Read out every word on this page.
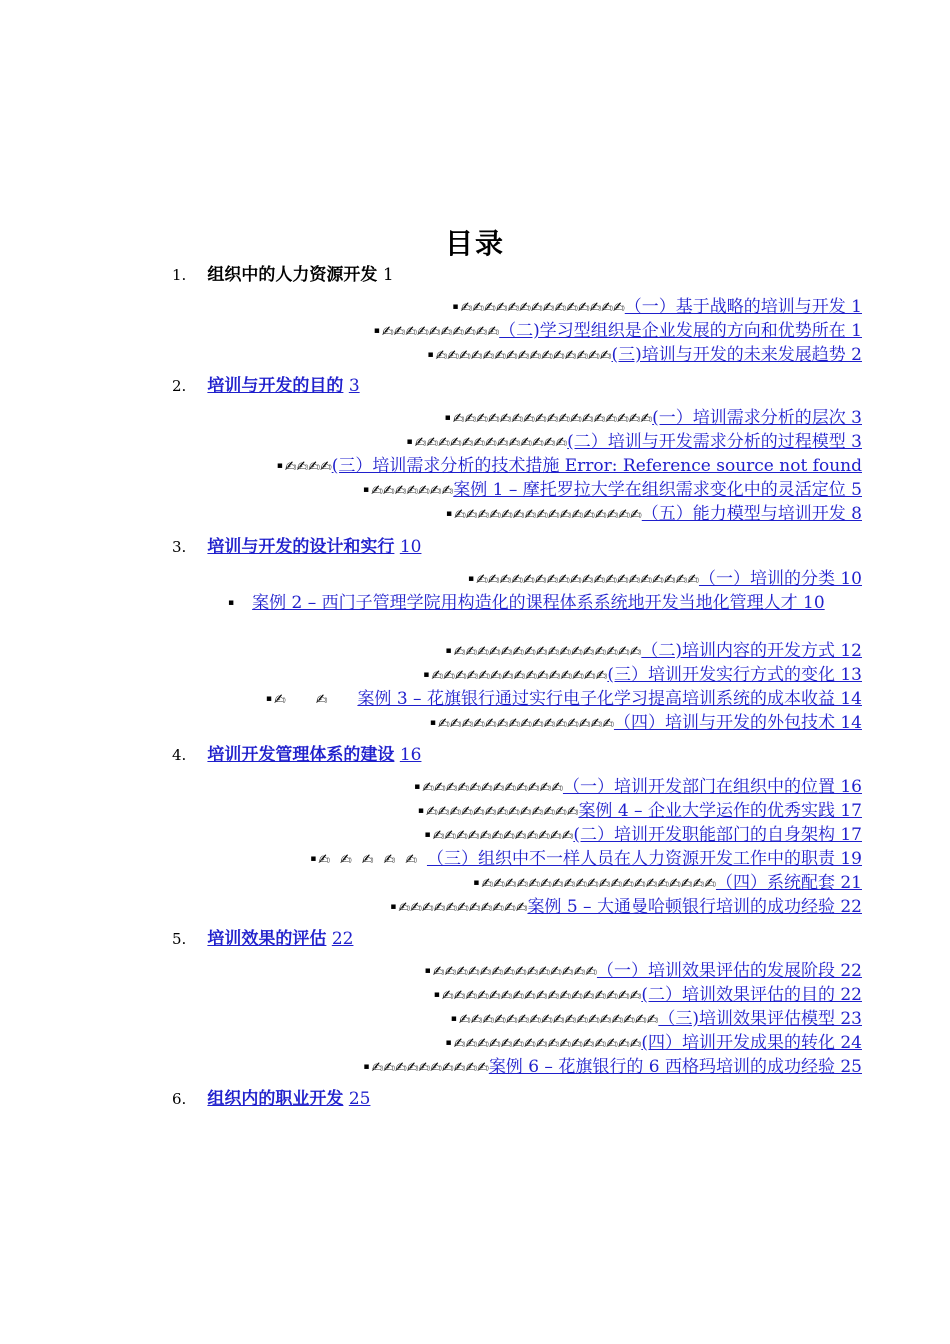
目录
1. 组织中的人力资源开发 1
▪ ✍✍✍✍✍✍✍✍✍✍✍✍✍✍ （一）基于战略的培训与开发 1
▪ ✍✍✍✍✍✍✍✍✍✍ （二)学习型组织是企业发展的方向和优势所在 1
▪ ✍✍✍✍✍✍✍✍✍✍✍✍✍✍✍ (三)培训与开发的未来发展趋势 2
2. 培训与开发的目的 3
▪ ✍✍✍✍✍✍✍✍✍✍✍✍✍✍✍✍✍ (一）培训需求分析的层次 3
▪ ✍✍✍✍✍✍✍✍✍✍✍✍✍ (二）培训与开发需求分析的过程模型 3
▪ ✍✍✍✍ (三）培训需求分析的技术措施 Error: Reference source not found
▪ ✍✍✍✍✍✍✍ 案例 1 – 摩托罗拉大学在组织需求变化中的灵活定位 5
▪ ✍✍✍✍✍✍✍✍✍✍✍✍✍✍✍✍ （五）能力模型与培训开发 8
3. 培训与开发的设计和实行 10
▪ ✍✍✍✍✍✍✍✍✍✍✍✍✍✍✍✍✍✍✍ （一）培训的分类 10
▪ 案例 2 – 西门子管理学院用构造化的课程体系系统地开发当地化管理人才 10
▪ ✍✍✍✍✍✍✍✍✍✍✍✍✍✍✍✍ （二)培训内容的开发方式 12
▪ ✍✍✍✍✍✍✍✍✍✍✍✍✍✍✍ (三）培训开发实行方式的变化 13
▪ ✍✍ 案例 3 – 花旗银行通过实行电子化学习提高培训系统的成本收益 14
▪ ✍✍✍✍✍✍✍✍✍✍✍✍✍✍✍ （四）培训与开发的外包技术 14
4. 培训开发管理体系的建设 16
▪ ✍✍✍✍✍✍✍✍✍✍✍✍ （一）培训开发部门在组织中的位置 16
▪ ✍✍✍✍✍✍✍✍✍✍✍✍✍ 案例 4 – 企业大学运作的优秀实践 17
▪ ✍✍✍✍✍✍✍✍✍✍✍✍ (二）培训开发职能部门的自身架构 17
▪ ✍✍✍✍✍ （三）组织中不一样人员在人力资源开发工作中的职责 19
▪ ✍✍✍✍✍✍✍✍✍✍✍✍✍✍✍✍✍✍✍✍ （四）系统配套 21
▪ ✍✍✍✍✍✍✍✍✍✍✍ 案例 5 – 大通曼哈顿银行培训的成功经验 22
5. 培训效果的评估 22
▪ ✍✍✍✍✍✍✍✍✍✍✍✍✍✍ （一）培训效果评估的发展阶段 22
▪ ✍✍✍✍✍✍✍✍✍✍✍✍✍✍✍✍✍ (二）培训效果评估的目的 22
▪ ✍✍✍✍✍✍✍✍✍✍✍✍✍✍✍✍✍ （三)培训效果评估模型 23
▪ ✍✍✍✍✍✍✍✍✍✍✍✍✍✍✍✍ (四）培训开发成果的转化 24
▪ ✍✍✍✍✍✍✍✍✍✍ 案例 6 – 花旗银行的 6 西格玛培训的成功经验 25
6. 组织内的职业开发 25
